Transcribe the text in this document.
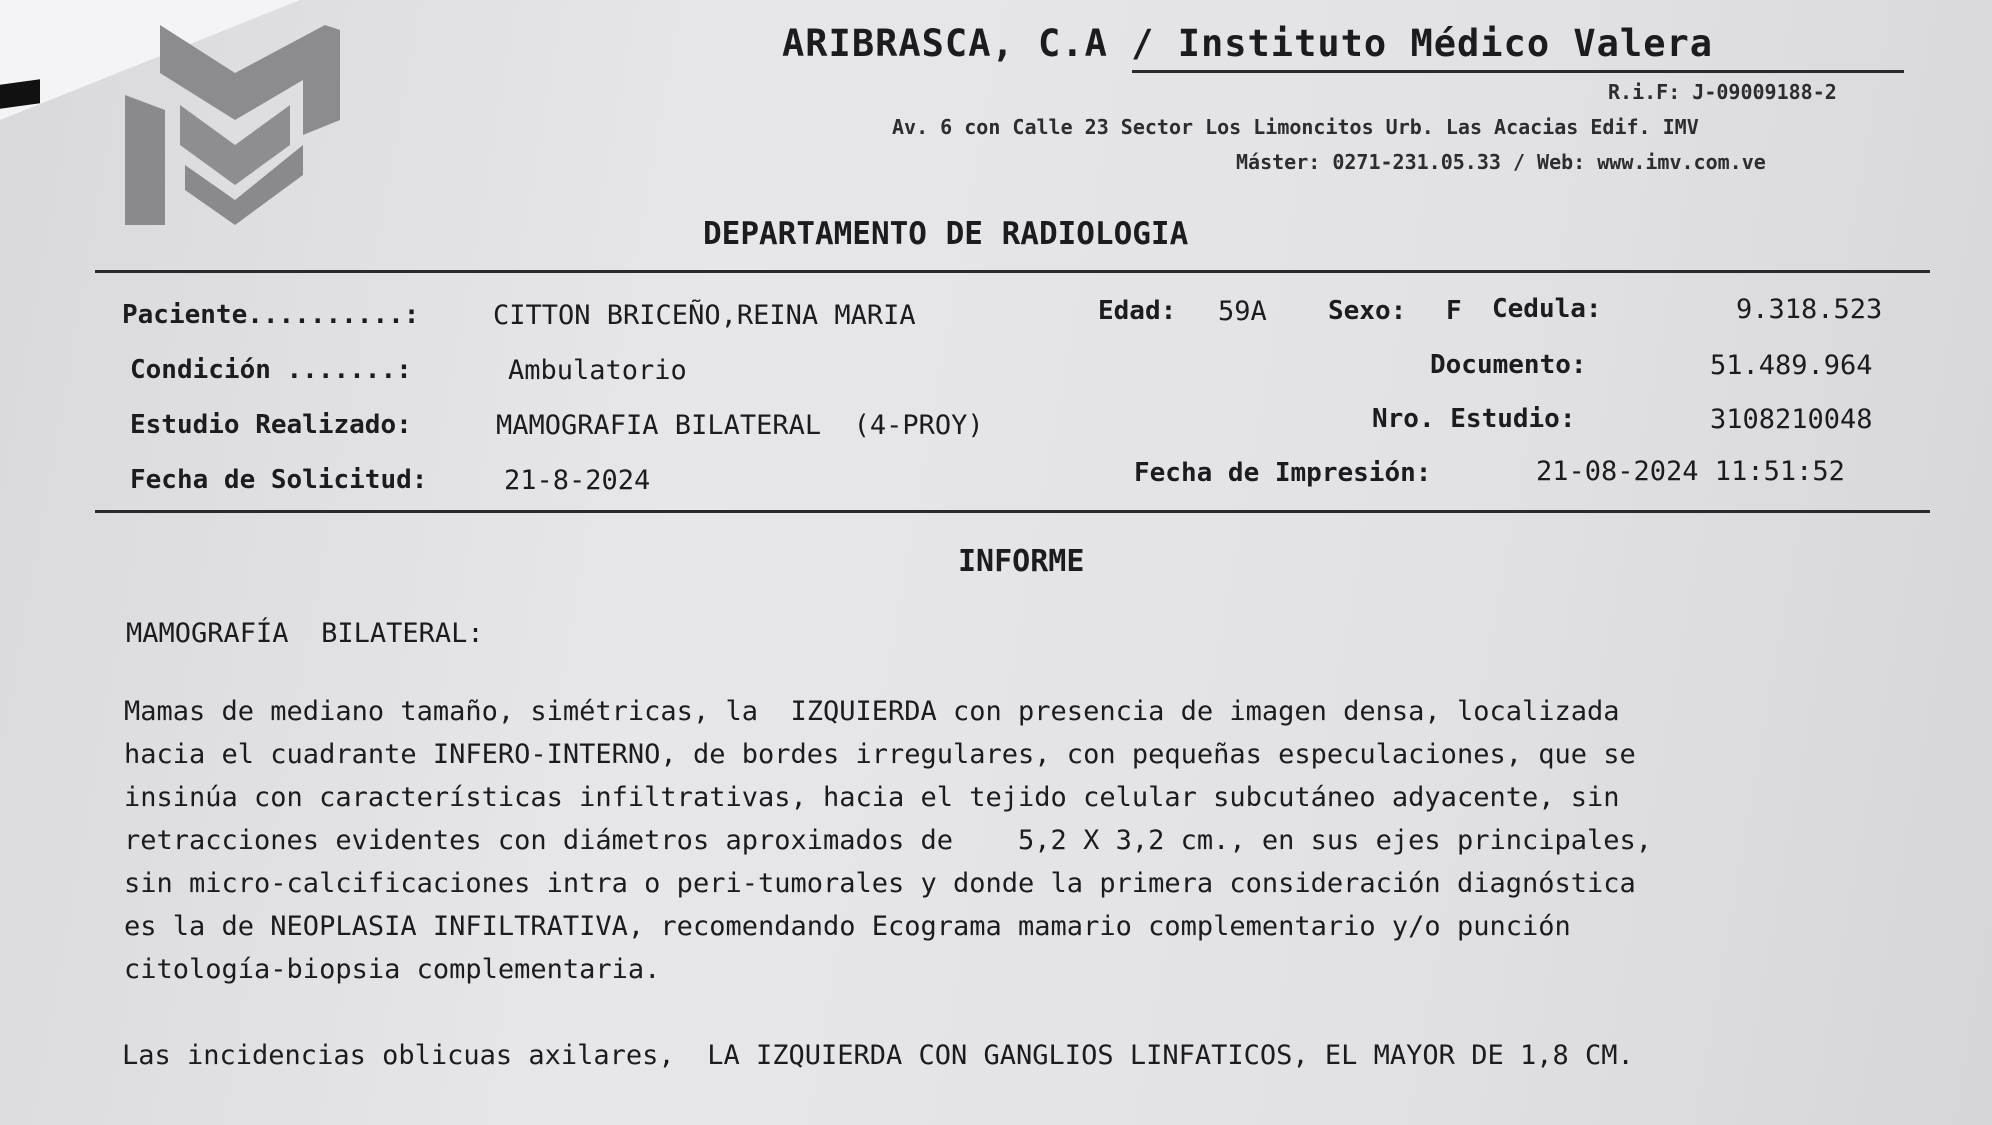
ARIBRASCA, C.A / Instituto Médico Valera
R.i.F: J-09009188-2
Av. 6 con Calle 23 Sector Los Limoncitos Urb. Las Acacias Edif. IMV
Máster: 0271-231.05.33 / Web: www.imv.com.ve
DEPARTAMENTO DE RADIOLOGIA
Paciente..........:	CITTON BRICEÑO,REINA MARIA	Edad: 59A Sexo: F Cedula:	9.318.523
Condición .......:	Ambulatorio	Documento:	51.489.964
Estudio Realizado:	MAMOGRAFIA BILATERAL  (4-PROY)	Nro. Estudio:	3108210048
Fecha de Solicitud:	21-8-2024	Fecha de Impresión:	21-08-2024 11:51:52
INFORME
MAMOGRAFÍA  BILATERAL:
Mamas de mediano tamaño, simétricas, la  IZQUIERDA con presencia de imagen densa, localizada
hacia el cuadrante INFERO-INTERNO, de bordes irregulares, con pequeñas especulaciones, que se
insinúa con características infiltrativas, hacia el tejido celular subcutáneo adyacente, sin
retracciones evidentes con diámetros aproximados de    5,2 X 3,2 cm., en sus ejes principales,
sin micro-calcificaciones intra o peri-tumorales y donde la primera consideración diagnóstica
es la de NEOPLASIA INFILTRATIVA, recomendando Ecograma mamario complementario y/o punción
citología-biopsia complementaria.
Las incidencias oblicuas axilares,  LA IZQUIERDA CON GANGLIOS LINFATICOS, EL MAYOR DE 1,8 CM.
